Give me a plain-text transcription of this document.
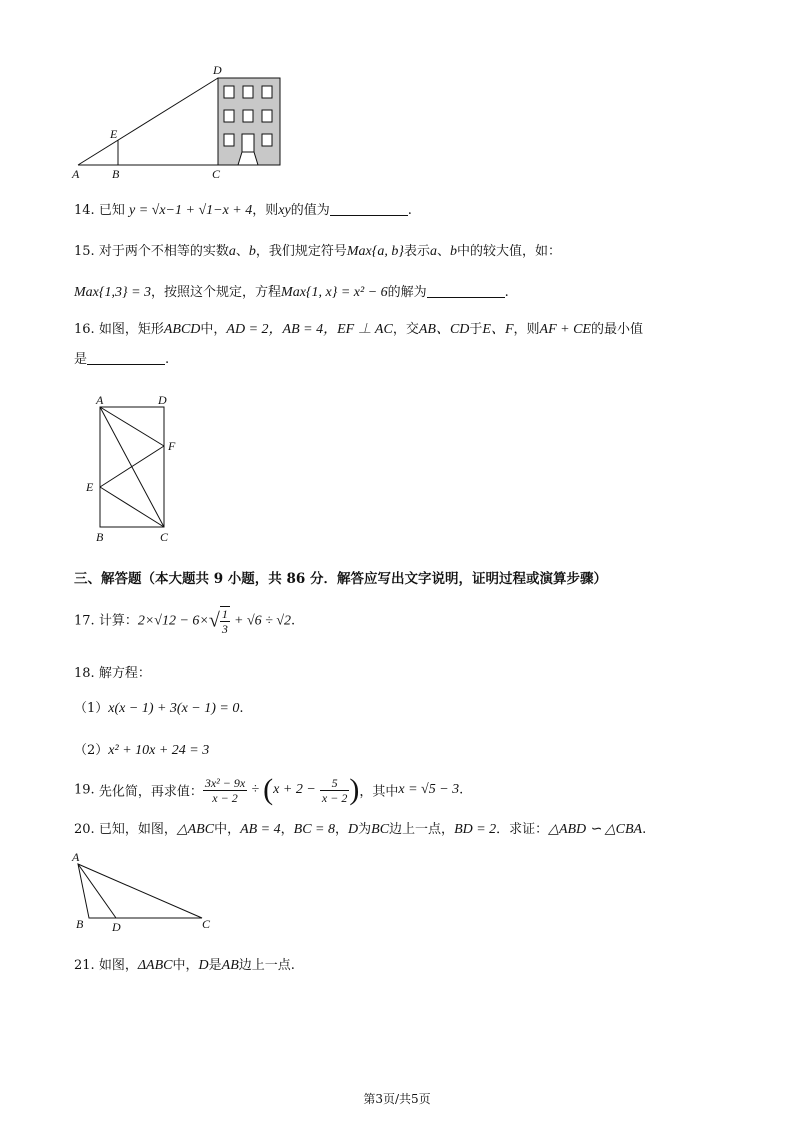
A	B	C
D
E
14. 已知 y = √x−1 + √1−x + 4，则xy的值为	.
15. 对于两个不相等的实数a、b，我们规定符号Max{a, b}表示a、b中的较大值，如：
Max{1,3} = 3，按照这个规定，方程Max{1, x} = x² − 6的解为	.
16. 如图，矩形ABCD中，AD = 2，AB = 4，EF ⊥ AC，交AB、CD于E、F，则AF + CE的最小值
是	.
A	D
F
E
B	C
三、解答题（本大题共 9 小题，共 86 分．解答应写出文字说明，证明过程或演算步骤）
17. 计算：$2\times√12 - 6\times√ \frac{1}{3} + √6 \div √2$.
18. 解方程：
（1）x(x − 1) + 3(x − 1) = 0.
（2）x² + 10x + 24 = 3
19. 先化简，再求值： $\frac{\text{3x² − 9x}}{x - 2} \div (x + 2 - \frac{5}{x - 2}$ )，其中x = √5 − 3.
20. 已知，如图，△ABC中，AB = 4，BC = 8，D为BC边上一点，BD = 2．求证：△ABD ∽ △CBA.
A
B D	C
21. 如图，ΔABC中，D是AB边上一点.
第3页/共5页
